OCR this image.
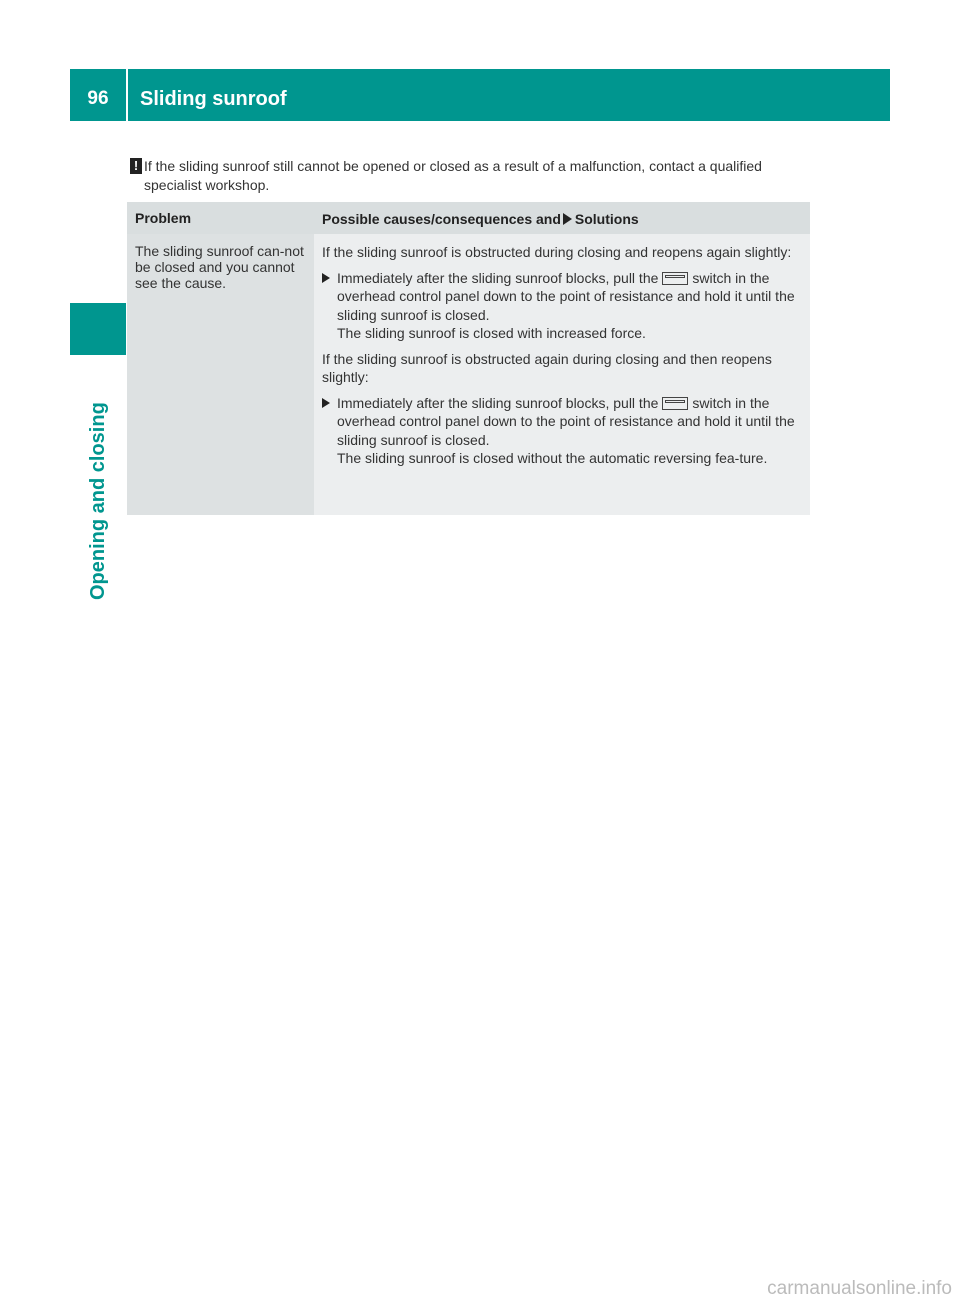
96	Sliding sunroof
Opening and closing
! If the sliding sunroof still cannot be opened or closed as a result of a malfunction, contact a qualified specialist workshop.
Problem	Possible causes/consequences and Solutions
The sliding sunroof can-not be closed and you cannot see the cause.

If the sliding sunroof is obstructed during closing and reopens again slightly:

Immediately after the sliding sunroof blocks, pull the switch in the overhead control panel down to the point of resistance and hold it until the sliding sunroof is closed.
The sliding sunroof is closed with increased force.

If the sliding sunroof is obstructed again during closing and then reopens slightly:

Immediately after the sliding sunroof blocks, pull the switch in the overhead control panel down to the point of resistance and hold it until the sliding sunroof is closed.
The sliding sunroof is closed without the automatic reversing fea-ture.
carmanualsonline.info
